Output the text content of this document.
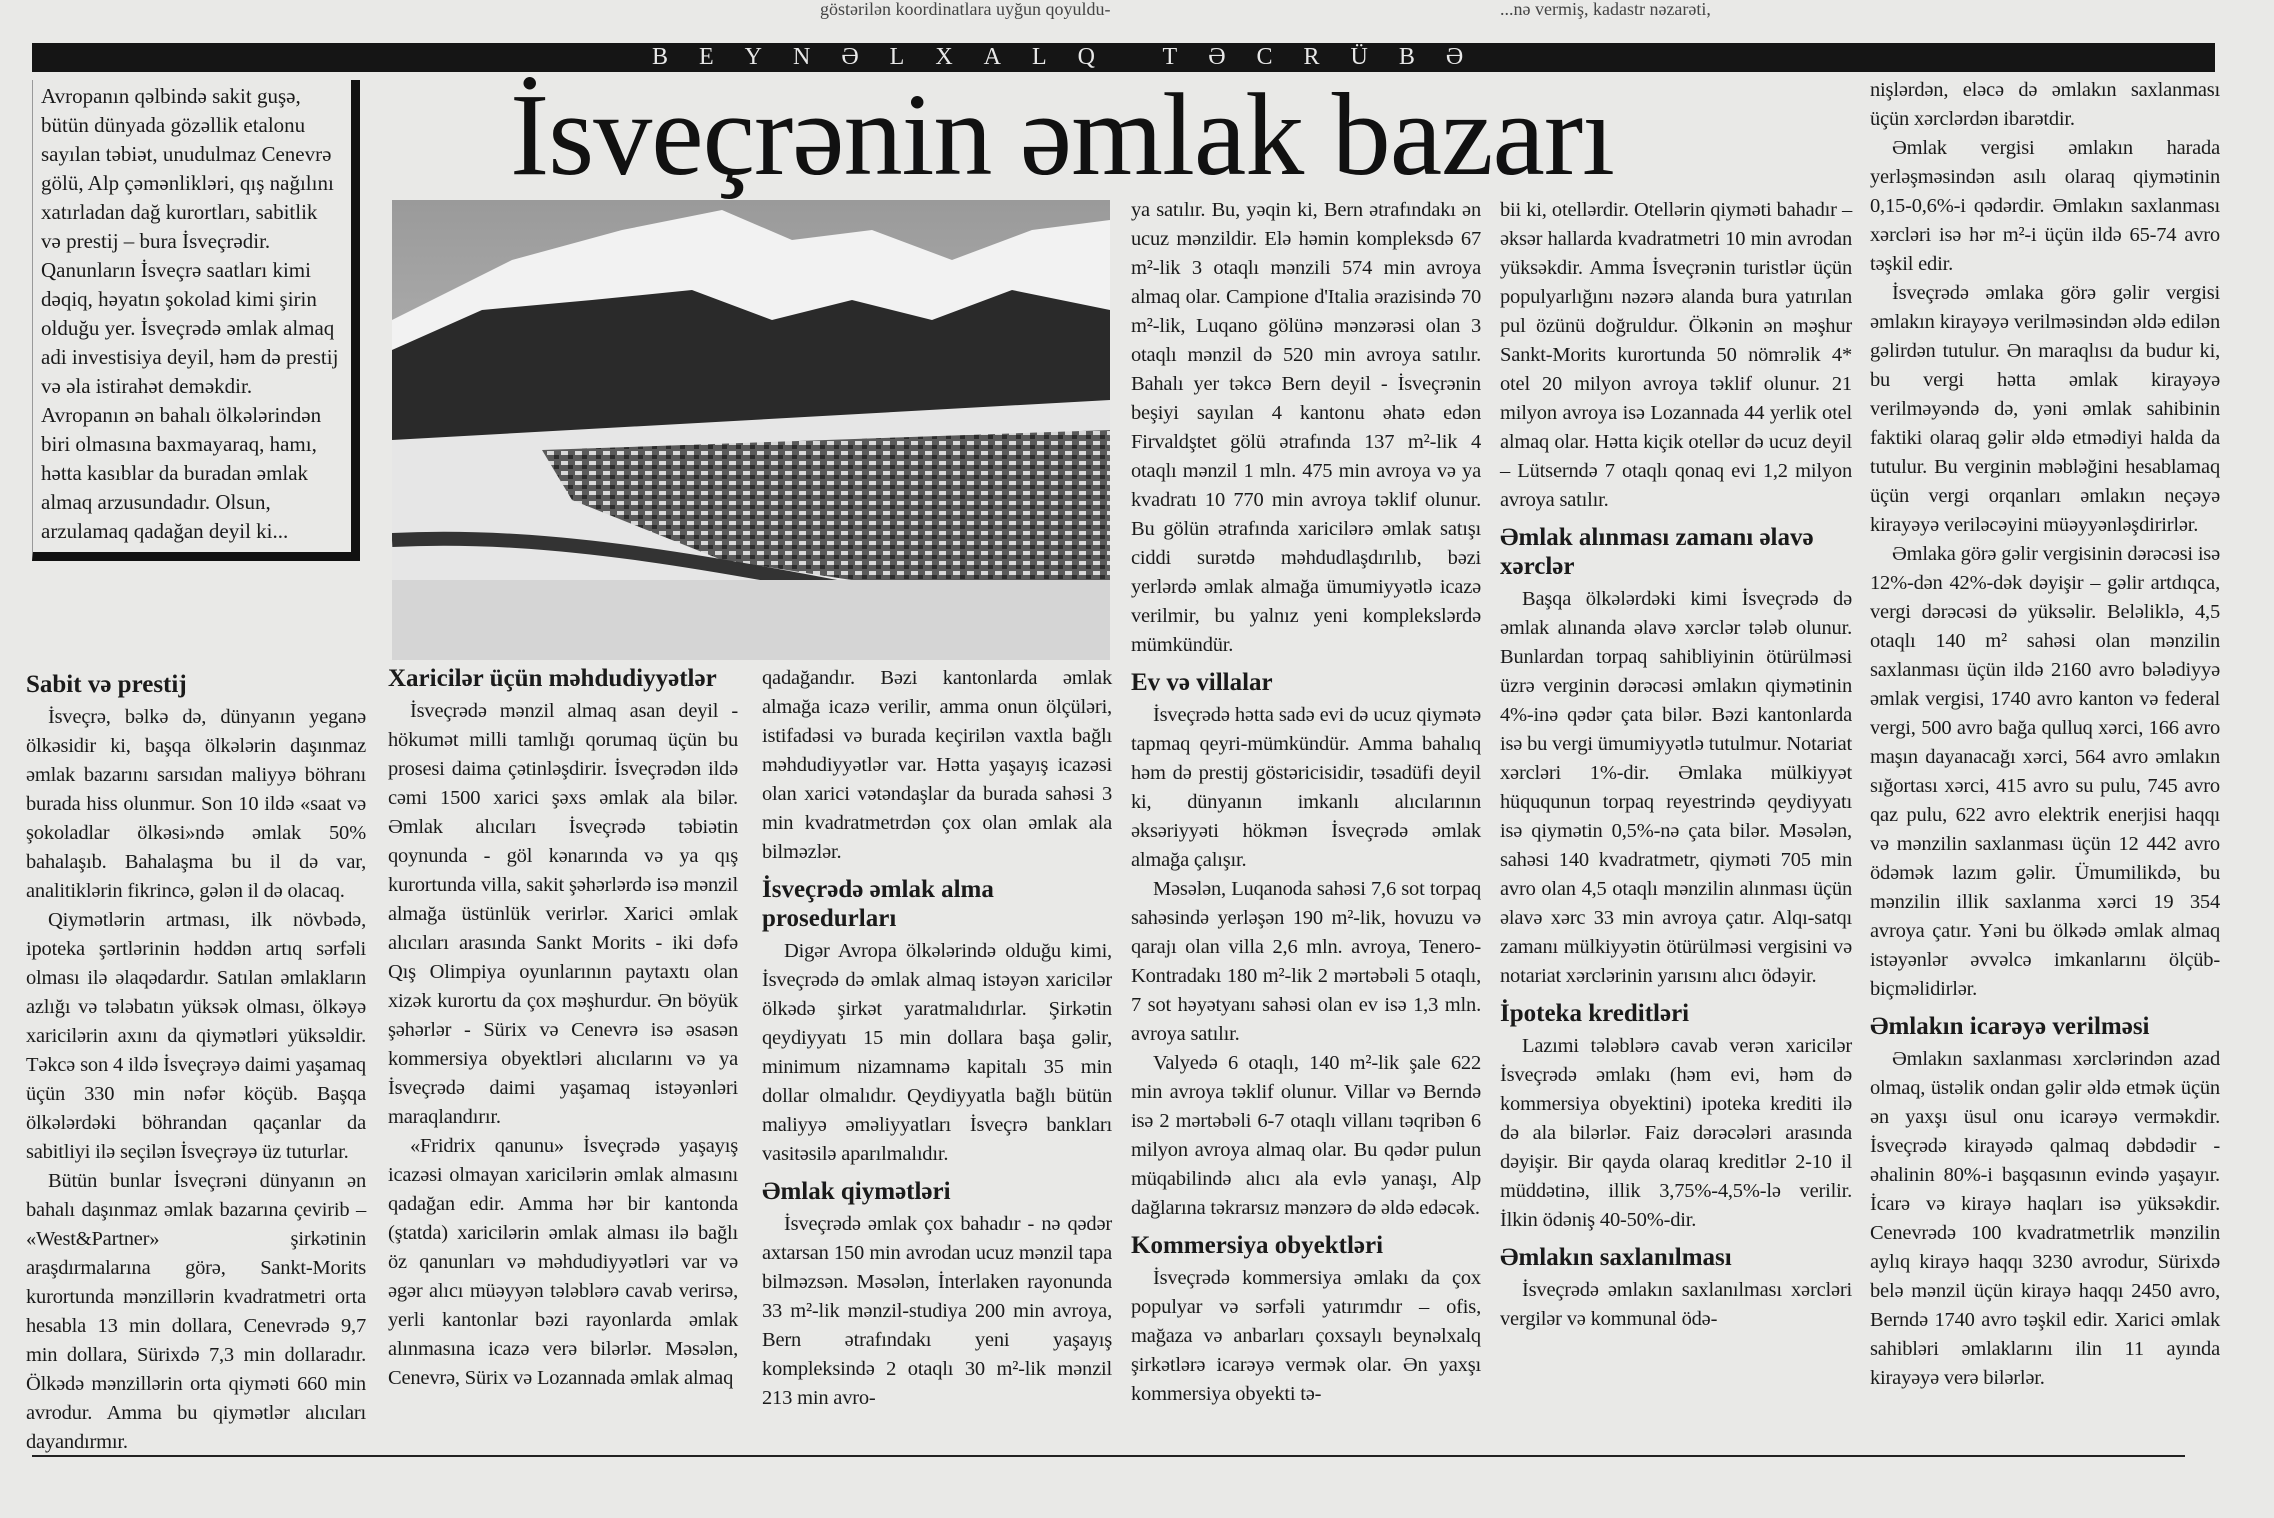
göstərilən koordinatlara uyğun qoyuldu-	...nə vermiş, kadastr nəzarəti,
BEYNƏLXALQ TƏCRÜBƏ
Avropanın qəlbində sakit guşə, bütün dünyada gözəllik etalonu sayılan təbiət, unudulmaz Cenevrə gölü, Alp çəmənlikləri, qış nağılını xatırladan dağ kurortları, sabitlik və prestij – bura İsveçrədir. Qanunların İsveçrə saatları kimi dəqiq, həyatın şokolad kimi şirin olduğu yer. İsveçrədə əmlak almaq adi investisiya deyil, həm də prestij və əla istirahət deməkdir. Avropanın ən bahalı ölkələrindən biri olmasına baxmayaraq, hamı, hətta kasıblar da buradan əmlak almaq arzusundadır. Olsun, arzulamaq qadağan deyil ki...
İsveçrənin əmlak bazarı
Sabit və prestij

İsveçrə, bəlkə də, dünyanın yeganə ölkəsidir ki, başqa ölkələrin daşınmaz əmlak bazarını sarsıdan maliyyə böhranı burada hiss olunmur. Son 10 ildə «saat və şokoladlar ölkəsi»ndə əmlak 50% bahalaşıb. Bahalaşma bu il də var, analitiklərin fikrincə, gələn il də olacaq.

Qiymətlərin artması, ilk növbədə, ipoteka şərtlərinin həddən artıq sərfəli olması ilə əlaqədardır. Satılan əmlakların azlığı və tələbatın yüksək olması, ölkəyə xaricilərin axını da qiymətləri yüksəldir. Təkcə son 4 ildə İsveçrəyə daimi yaşamaq üçün 330 min nəfər köçüb. Başqa ölkələrdəki böhrandan qaçanlar da sabitliyi ilə seçilən İsveçrəyə üz tuturlar.

Bütün bunlar İsveçrəni dünyanın ən bahalı daşınmaz əmlak bazarına çevirib – «West&Partner» şirkətinin araşdırmalarına görə, Sankt-Morits kurortunda mənzillərin kvadratmetri orta hesabla 13 min dollara, Cenevrədə 9,7 min dollara, Sürixdə 7,3 min dollaradır. Ölkədə mənzillərin orta qiyməti 660 min avrodur. Amma bu qiymətlər alıcıları dayandırmır.

Xaricilər üçün məhdudiyyətlər

İsveçrədə mənzil almaq asan deyil - hökumət milli tamlığı qorumaq üçün bu prosesi daima çətinləşdirir. İsveçrədən ildə cəmi 1500 xarici şəxs əmlak ala bilər. Əmlak alıcıları İsveçrədə təbiətin qoynunda - göl kənarında və ya qış kurortunda villa, sakit şəhərlərdə isə mənzil almağa üstünlük verirlər. Xarici əmlak alıcıları arasında Sankt Morits - iki dəfə Qış Olimpiya oyunlarının paytaxtı olan xizək kurortu da çox məşhurdur. Ən böyük şəhərlər - Sürix və Cenevrə isə əsasən kommersiya obyektləri alıcılarını və ya İsveçrədə daimi yaşamaq istəyənləri maraqlandırır.

«Fridrix qanunu» İsveçrədə yaşayış icazəsi olmayan xaricilərin əmlak almasını qadağan edir. Amma hər bir kantonda (ştatda) xaricilərin əmlak alması ilə bağlı öz qanunları və məhdudiyyətləri var və əgər alıcı müəyyən tələblərə cavab verirsə, yerli kantonlar bəzi rayonlarda əmlak alınmasına icazə verə bilərlər. Məsələn, Cenevrə, Sürix və Lozannada əmlak almaq

qadağandır. Bəzi kantonlarda əmlak almağa icazə verilir, amma onun ölçüləri, istifadəsi və burada keçirilən vaxtla bağlı məhdudiyyətlər var. Hətta yaşayış icazəsi olan xarici vətəndaşlar da burada sahəsi 3 min kvadratmetrdən çox olan əmlak ala bilməzlər.

İsveçrədə əmlak alma prosedurları

Digər Avropa ölkələrində olduğu kimi, İsveçrədə də əmlak almaq istəyən xaricilər ölkədə şirkət yaratmalıdırlar. Şirkətin qeydiyyatı 15 min dollara başa gəlir, minimum nizamnamə kapitalı 35 min dollar olmalıdır. Qeydiyyatla bağlı bütün maliyyə əməliyyatları İsveçrə bankları vasitəsilə aparılmalıdır.

Əmlak qiymətləri

İsveçrədə əmlak çox bahadır - nə qədər axtarsan 150 min avrodan ucuz mənzil tapa bilməzsən. Məsələn, İnterlaken rayonunda 33 m²-lik mənzil-studiya 200 min avroya, Bern ətrafındakı yeni yaşayış kompleksində 2 otaqlı 30 m²-lik mənzil 213 min avro-

ya satılır. Bu, yəqin ki, Bern ətrafındakı ən ucuz mənzildir. Elə həmin kompleksdə 67 m²-lik 3 otaqlı mənzili 574 min avroya almaq olar. Campione d'Italia ərazisində 70 m²-lik, Luqano gölünə mənzərəsi olan 3 otaqlı mənzil də 520 min avroya satılır. Bahalı yer təkcə Bern deyil - İsveçrənin beşiyi sayılan 4 kantonu əhatə edən Firvaldştet gölü ətrafında 137 m²-lik 4 otaqlı mənzil 1 mln. 475 min avroya və ya kvadratı 10 770 min avroya təklif olunur. Bu gölün ətrafında xaricilərə əmlak satışı ciddi surətdə məhdudlaşdırılıb, bəzi yerlərdə əmlak almağa ümumiyyətlə icazə verilmir, bu yalnız yeni komplekslərdə mümkündür.

Ev və villalar

İsveçrədə hətta sadə evi də ucuz qiymətə tapmaq qeyri-mümkündür. Amma bahalıq həm də prestij göstəricisidir, təsadüfi deyil ki, dünyanın imkanlı alıcılarının əksəriyyəti hökmən İsveçrədə əmlak almağa çalışır.

Məsələn, Luqanoda sahəsi 7,6 sot torpaq sahəsində yerləşən 190 m²-lik, hovuzu və qarajı olan villa 2,6 mln. avroya, Tenero-Kontradakı 180 m²-lik 2 mərtəbəli 5 otaqlı, 7 sot həyətyanı sahəsi olan ev isə 1,3 mln. avroya satılır.

Valyedə 6 otaqlı, 140 m²-lik şale 622 min avroya təklif olunur. Villar və Berndə isə 2 mərtəbəli 6-7 otaqlı villanı təqribən 6 milyon avroya almaq olar. Bu qədər pulun müqabilində alıcı ala evlə yanaşı, Alp dağlarına təkrarsız mənzərə də əldə edəcək.

Kommersiya obyektləri

İsveçrədə kommersiya əmlakı da çox populyar və sərfəli yatırımdır – ofis, mağaza və anbarları çoxsaylı beynəlxalq şirkətlərə icarəyə vermək olar. Ən yaxşı kommersiya obyekti tə-

bii ki, otellərdir. Otellərin qiyməti bahadır – əksər hallarda kvadratmetri 10 min avrodan yüksəkdir. Amma İsveçrənin turistlər üçün populyarlığını nəzərə alanda bura yatırılan pul özünü doğruldur. Ölkənin ən məşhur Sankt-Morits kurortunda 50 nömrəlik 4* otel 20 milyon avroya təklif olunur. 21 milyon avroya isə Lozannada 44 yerlik otel almaq olar. Hətta kiçik otellər də ucuz deyil – Lütserndə 7 otaqlı qonaq evi 1,2 milyon avroya satılır.

Əmlak alınması zamanı əlavə xərclər

Başqa ölkələrdəki kimi İsveçrədə də əmlak alınanda əlavə xərclər tələb olunur. Bunlardan torpaq sahibliyinin ötürülməsi üzrə verginin dərəcəsi əmlakın qiymətinin 4%-inə qədər çata bilər. Bəzi kantonlarda isə bu vergi ümumiyyətlə tutulmur. Notariat xərcləri 1%-dir. Əmlaka mülkiyyət hüququnun torpaq reyestrində qeydiyyatı isə qiymətin 0,5%-nə çata bilər. Məsələn, sahəsi 140 kvadratmetr, qiyməti 705 min avro olan 4,5 otaqlı mənzilin alınması üçün əlavə xərc 33 min avroya çatır. Alqı-satqı zamanı mülkiyyətin ötürülməsi vergisini və notariat xərclərinin yarısını alıcı ödəyir.

İpoteka kreditləri

Lazımi tələblərə cavab verən xaricilər İsveçrədə əmlakı (həm evi, həm də kommersiya obyektini) ipoteka krediti ilə də ala bilərlər. Faiz dərəcələri arasında dəyişir. Bir qayda olaraq kreditlər 2-10 il müddətinə, illik 3,75%-4,5%-lə verilir. İlkin ödəniş 40-50%-dir.

Əmlakın saxlanılması

İsveçrədə əmlakın saxlanılması xərcləri vergilər və kommunal ödə-

nişlərdən, eləcə də əmlakın saxlanması üçün xərclərdən ibarətdir.

Əmlak vergisi əmlakın harada yerləşməsindən asılı olaraq qiymətinin 0,15-0,6%-i qədərdir. Əmlakın saxlanması xərcləri isə hər m²-i üçün ildə 65-74 avro təşkil edir.

İsveçrədə əmlaka görə gəlir vergisi əmlakın kirayəyə verilməsindən əldə edilən gəlirdən tutulur. Ən maraqlısı da budur ki, bu vergi hətta əmlak kirayəyə verilməyəndə də, yəni əmlak sahibinin faktiki olaraq gəlir əldə etmədiyi halda da tutulur. Bu verginin məbləğini hesablamaq üçün vergi orqanları əmlakın neçəyə kirayəyə veriləcəyini müəyyənləşdirirlər.

Əmlaka görə gəlir vergisinin dərəcəsi isə 12%-dən 42%-dək dəyişir – gəlir artdıqca, vergi dərəcəsi də yüksəlir. Beləliklə, 4,5 otaqlı 140 m² sahəsi olan mənzilin saxlanması üçün ildə 2160 avro bələdiyyə əmlak vergisi, 1740 avro kanton və federal vergi, 500 avro bağa qulluq xərci, 166 avro maşın dayanacağı xərci, 564 avro əmlakın sığortası xərci, 415 avro su pulu, 745 avro qaz pulu, 622 avro elektrik enerjisi haqqı və mənzilin saxlanması üçün 12 442 avro ödəmək lazım gəlir. Ümumilikdə, bu mənzilin illik saxlanma xərci 19 354 avroya çatır. Yəni bu ölkədə əmlak almaq istəyənlər əvvəlcə imkanlarını ölçüb-biçməlidirlər.

Əmlakın icarəyə verilməsi

Əmlakın saxlanması xərclərindən azad olmaq, üstəlik ondan gəlir əldə etmək üçün ən yaxşı üsul onu icarəyə verməkdir. İsveçrədə kirayədə qalmaq dəbdədir - əhalinin 80%-i başqasının evində yaşayır. İcarə və kirayə haqları isə yüksəkdir. Cenevrədə 100 kvadratmetrlik mənzilin aylıq kirayə haqqı 3230 avrodur, Sürixdə belə mənzil üçün kirayə haqqı 2450 avro, Berndə 1740 avro təşkil edir. Xarici əmlak sahibləri əmlaklarını ilin 11 ayında kirayəyə verə bilərlər.
